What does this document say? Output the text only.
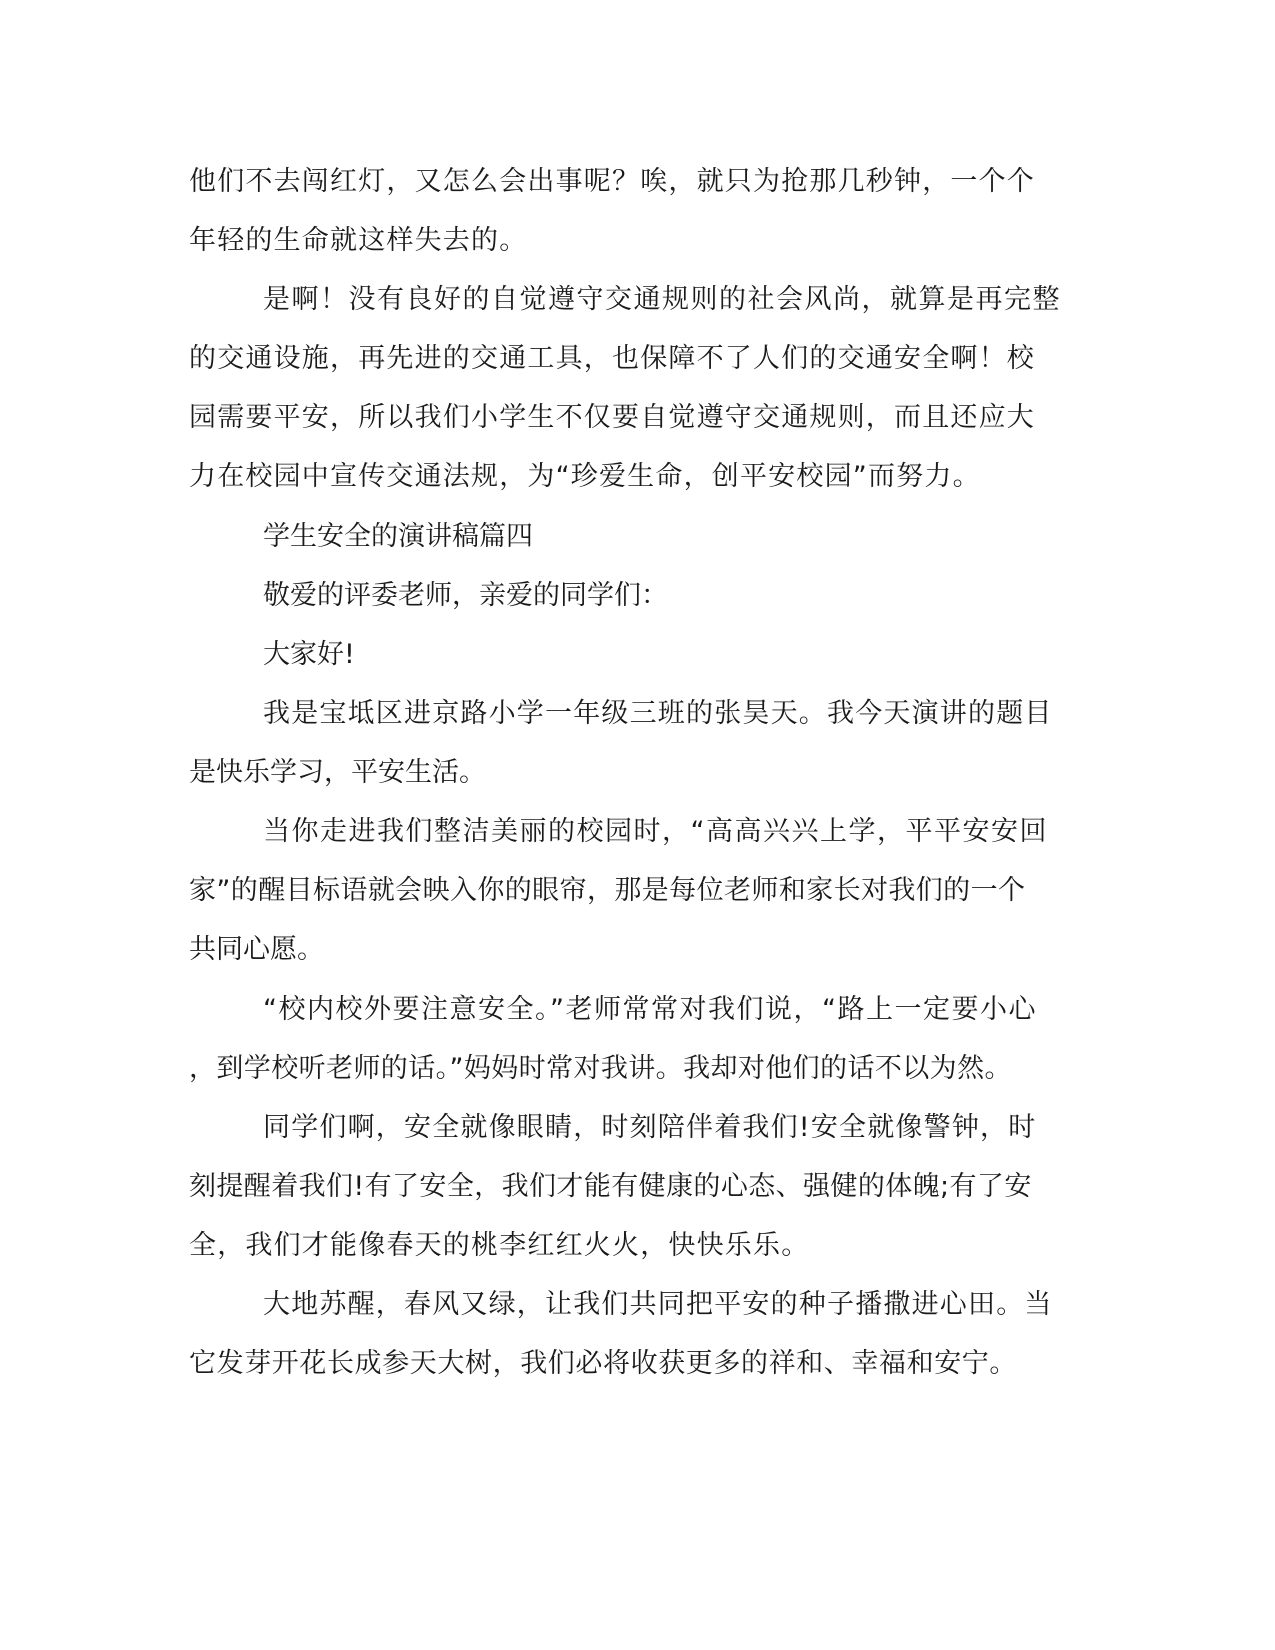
他们不去闯红灯，又怎么会出事呢？唉，就只为抢那几秒钟，一个个

年轻的生命就这样失去的。

是啊！没有良好的自觉遵守交通规则的社会风尚，就算是再完整

的交通设施，再先进的交通工具，也保障不了人们的交通安全啊！校

园需要平安，所以我们小学生不仅要自觉遵守交通规则，而且还应大

力在校园中宣传交通法规，为“珍爱生命，创平安校园”而努力。

学生安全的演讲稿篇四

敬爱的评委老师，亲爱的同学们：

大家好!

我是宝坻区进京路小学一年级三班的张昊天。我今天演讲的题目

是快乐学习，平安生活。

当你走进我们整洁美丽的校园时，“高高兴兴上学，平平安安回

家”的醒目标语就会映入你的眼帘，那是每位老师和家长对我们的一个

共同心愿。

“校内校外要注意安全。”老师常常对我们说，“路上一定要小心

，到学校听老师的话。”妈妈时常对我讲。我却对他们的话不以为然。

同学们啊，安全就像眼睛，时刻陪伴着我们!安全就像警钟，时

刻提醒着我们!有了安全，我们才能有健康的心态、强健的体魄;有了安

全，我们才能像春天的桃李红红火火，快快乐乐。

大地苏醒，春风又绿，让我们共同把平安的种子播撒进心田。当

它发芽开花长成参天大树，我们必将收获更多的祥和、幸福和安宁。
